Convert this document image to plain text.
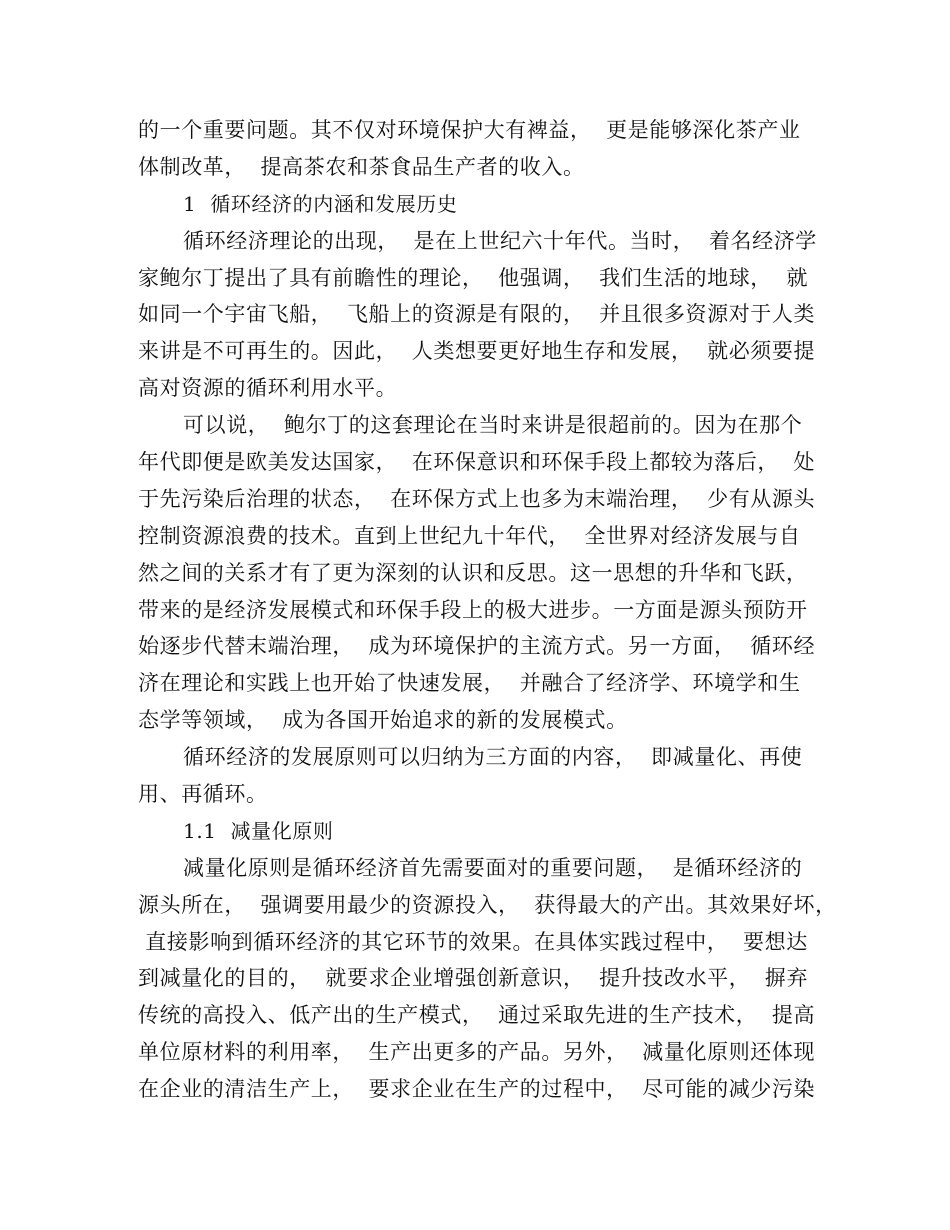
的一个重要问题。其不仅对环境保护大有裨益，  更是能够深化茶产业
体制改革，  提高茶农和茶食品生产者的收入。
1  循环经济的内涵和发展历史
循环经济理论的出现，  是在上世纪六十年代。当时，  着名经济学
家鲍尔丁提出了具有前瞻性的理论，  他强调，  我们生活的地球，  就
如同一个宇宙飞船，  飞船上的资源是有限的，  并且很多资源对于人类
来讲是不可再生的。因此，  人类想要更好地生存和发展，  就必须要提
高对资源的循环利用水平。
可以说，  鲍尔丁的这套理论在当时来讲是很超前的。因为在那个
年代即便是欧美发达国家，  在环保意识和环保手段上都较为落后，  处
于先污染后治理的状态，  在环保方式上也多为末端治理，  少有从源头
控制资源浪费的技术。直到上世纪九十年代，  全世界对经济发展与自
然之间的关系才有了更为深刻的认识和反思。这一思想的升华和飞跃，
带来的是经济发展模式和环保手段上的极大进步。一方面是源头预防开
始逐步代替末端治理，  成为环境保护的主流方式。另一方面，  循环经
济在理论和实践上也开始了快速发展，  并融合了经济学、环境学和生
态学等领域，  成为各国开始追求的新的发展模式。
循环经济的发展原则可以归纳为三方面的内容，  即减量化、再使
用、再循环。
1.1  减量化原则
减量化原则是循环经济首先需要面对的重要问题，  是循环经济的
源头所在，  强调要用最少的资源投入，  获得最大的产出。其效果好坏，
直接影响到循环经济的其它环节的效果。在具体实践过程中，  要想达
到减量化的目的，  就要求企业增强创新意识，  提升技改水平，  摒弃
传统的高投入、低产出的生产模式，  通过采取先进的生产技术，  提高
单位原材料的利用率，  生产出更多的产品。另外，  减量化原则还体现
在企业的清洁生产上，  要求企业在生产的过程中，  尽可能的减少污染
